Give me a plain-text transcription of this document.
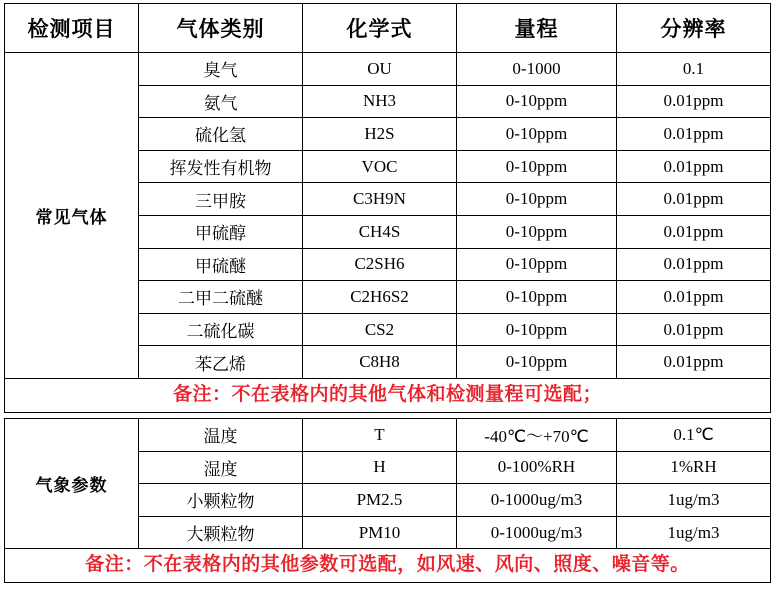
检测项目	气体类别	化学式	量程	分辨率
常见气体	臭气	OU	0-1000	0.1
	氨气	NH3	0-10ppm	0.01ppm
	硫化氢	H2S	0-10ppm	0.01ppm
	挥发性有机物	VOC	0-10ppm	0.01ppm
	三甲胺	C3H9N	0-10ppm	0.01ppm
	甲硫醇	CH4S	0-10ppm	0.01ppm
	甲硫醚	C2SH6	0-10ppm	0.01ppm
	二甲二硫醚	C2H6S2	0-10ppm	0.01ppm
	二硫化碳	CS2	0-10ppm	0.01ppm
	苯乙烯	C8H8	0-10ppm	0.01ppm
备注：不在表格内的其他气体和检测量程可选配；				
气象参数	温度	T	-40℃～+70℃	0.1℃
	湿度	H	0-100%RH	1%RH
	小颗粒物	PM2.5	0-1000ug/m3	1ug/m3
	大颗粒物	PM10	0-1000ug/m3	1ug/m3
备注：不在表格内的其他参数可选配，如风速、风向、照度、噪音等。				
